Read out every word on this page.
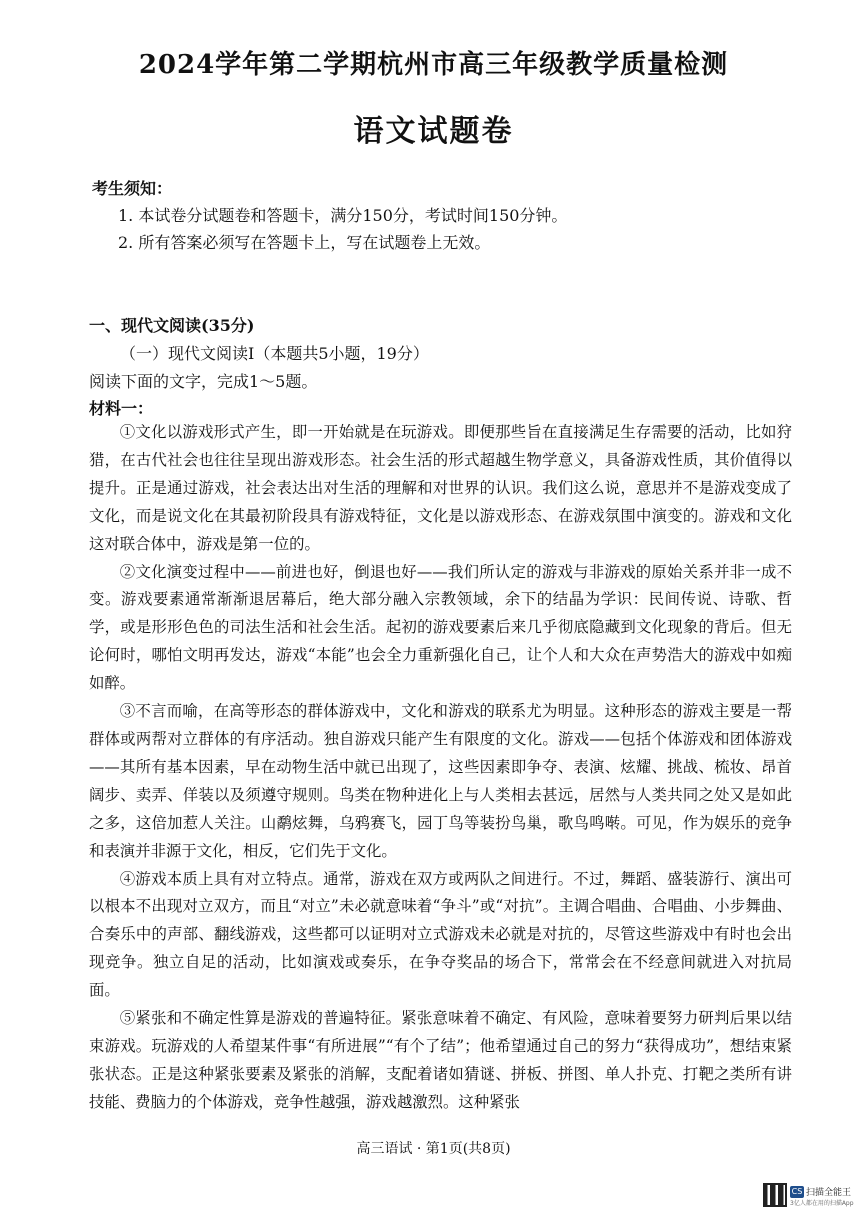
2024学年第二学期杭州市高三年级教学质量检测
语文试题卷
考生须知：
1. 本试卷分试题卷和答题卡，满分150分，考试时间150分钟。
2. 所有答案必须写在答题卡上，写在试题卷上无效。
一、现代文阅读(35分)
（一）现代文阅读Ⅰ（本题共5小题，19分）
阅读下面的文字，完成1～5题。
材料一：

①文化以游戏形式产生，即一开始就是在玩游戏。即便那些旨在直接满足生存需要的活动，比如狩猎，在古代社会也往往呈现出游戏形态。社会生活的形式超越生物学意义，具备游戏性质，其价值得以提升。正是通过游戏，社会表达出对生活的理解和对世界的认识。我们这么说，意思并不是游戏变成了文化，而是说文化在其最初阶段具有游戏特征，文化是以游戏形态、在游戏氛围中演变的。游戏和文化这对联合体中，游戏是第一位的。

②文化演变过程中——前进也好，倒退也好——我们所认定的游戏与非游戏的原始关系并非一成不变。游戏要素通常渐渐退居幕后，绝大部分融入宗教领域，余下的结晶为学识：民间传说、诗歌、哲学，或是形形色色的司法生活和社会生活。起初的游戏要素后来几乎彻底隐藏到文化现象的背后。但无论何时，哪怕文明再发达，游戏“本能”也会全力重新强化自己，让个人和大众在声势浩大的游戏中如痴如醉。

③不言而喻，在高等形态的群体游戏中，文化和游戏的联系尤为明显。这种形态的游戏主要是一帮群体或两帮对立群体的有序活动。独自游戏只能产生有限度的文化。游戏——包括个体游戏和团体游戏——其所有基本因素，早在动物生活中就已出现了，这些因素即争夺、表演、炫耀、挑战、梳妆、昂首阔步、卖弄、佯装以及须遵守规则。鸟类在物种进化上与人类相去甚远，居然与人类共同之处又是如此之多，这倍加惹人关注。山鹬炫舞，乌鸦赛飞，园丁鸟等装扮鸟巢，歌鸟鸣啭。可见，作为娱乐的竞争和表演并非源于文化，相反，它们先于文化。

④游戏本质上具有对立特点。通常，游戏在双方或两队之间进行。不过，舞蹈、盛装游行、演出可以根本不出现对立双方，而且“对立”未必就意味着“争斗”或“对抗”。主调合唱曲、合唱曲、小步舞曲、合奏乐中的声部、翻线游戏，这些都可以证明对立式游戏未必就是对抗的，尽管这些游戏中有时也会出现竞争。独立自足的活动，比如演戏或奏乐，在争夺奖品的场合下，常常会在不经意间就进入对抗局面。

⑤紧张和不确定性算是游戏的普遍特征。紧张意味着不确定、有风险，意味着要努力研判后果以结束游戏。玩游戏的人希望某件事“有所进展”“有个了结”；他希望通过自己的努力“获得成功”，想结束紧张状态。正是这种紧张要素及紧张的消解，支配着诸如猜谜、拼板、拼图、单人扑克、打靶之类所有讲技能、费脑力的个体游戏，竞争性越强，游戏越激烈。这种紧张

高三语试 · 第1页(共8页)
CS 扫描全能王
3亿人都在用的扫描App
